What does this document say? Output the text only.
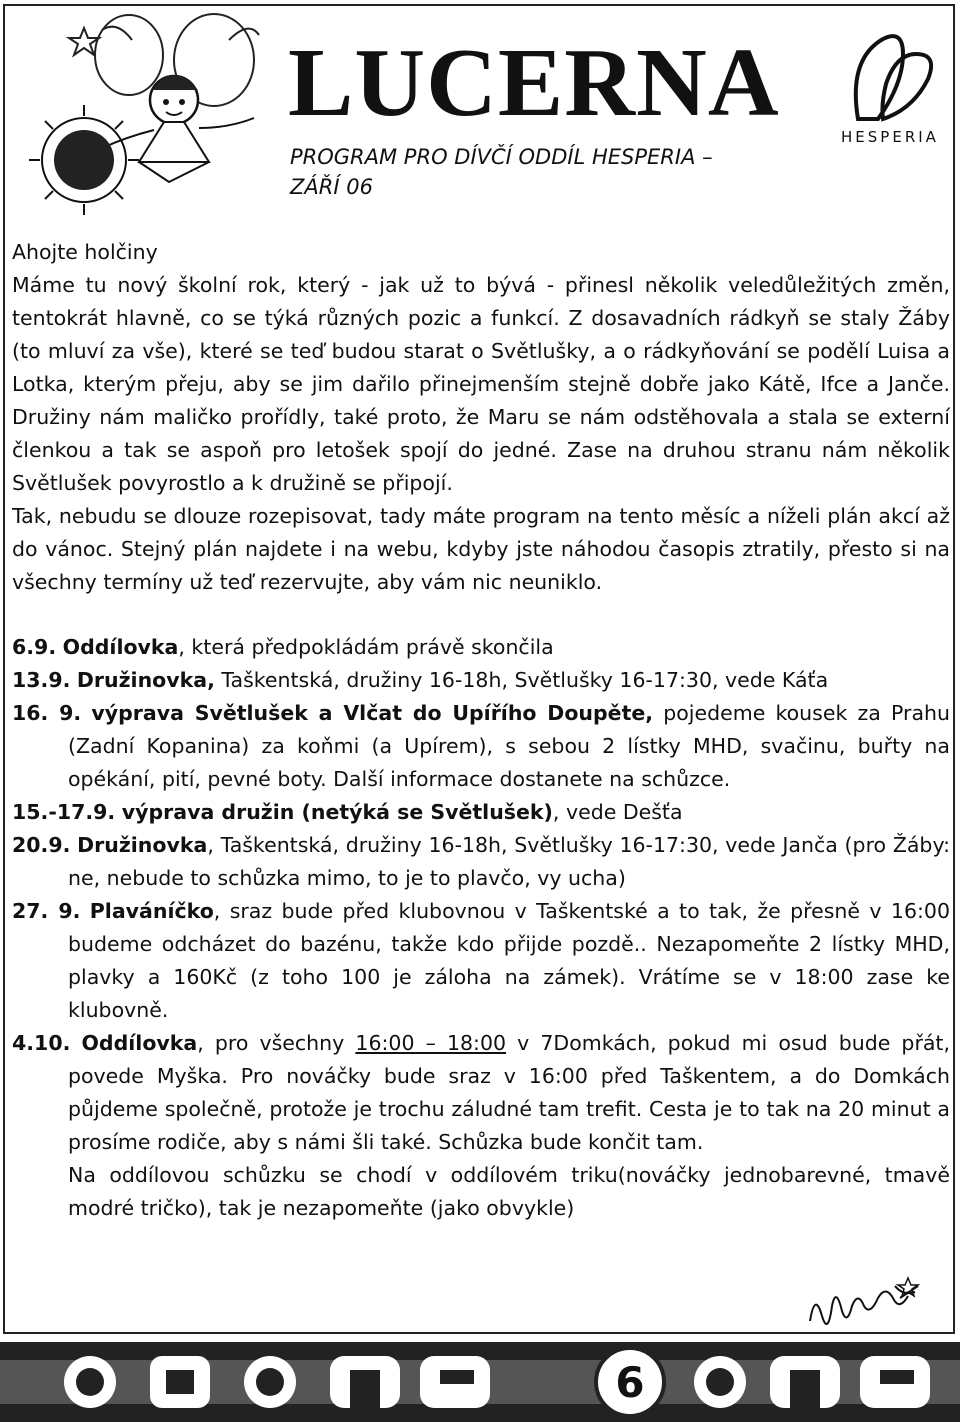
HESPERIA
LUCERNA
PROGRAM PRO DÍVČÍ ODDÍL HESPERIA –
ZÁŘÍ 06

Ahojte holčiny

Máme tu nový školní rok, který - jak už to bývá - přinesl několik veledůležitých změn, tentokrát hlavně, co se týká různých pozic a funkcí. Z dosavadních rádkyň se staly Žáby (to mluví za vše), které se teď budou starat o Světlušky, a o rádkyňování se podělí Luisa a Lotka, kterým přeju, aby se jim dařilo přinejmenším stejně dobře jako Kátě, Ifce a Janče. Družiny nám maličko prořídly, také proto, že Maru se nám odstěhovala a stala se externí členkou a tak se aspoň pro letošek spojí do jedné. Zase na druhou stranu nám několik Světlušek povyrostlo a k družině se připojí.

Tak, nebudu se dlouze rozepisovat, tady máte program na tento měsíc a níželi plán akcí až do vánoc. Stejný plán najdete i na webu, kdyby jste náhodou časopis ztratily, přesto si na všechny termíny už teď rezervujte, aby vám nic neuniklo.

6.9. Oddílovka, která předpokládám právě skončila

13.9. Družinovka, Taškentská, družiny 16-18h, Světlušky 16-17:30, vede Káťa

16. 9. výprava Světlušek a Vlčat do Upířího Doupěte, pojedeme kousek za Prahu (Zadní Kopanina) za koňmi (a Upírem), s sebou 2 lístky MHD, svačinu, buřty na opékání, pití, pevné boty. Další informace dostanete na schůzce.

15.-17.9. výprava družin (netýká se Světlušek), vede Dešťa

20.9. Družinovka, Taškentská, družiny 16-18h, Světlušky 16-17:30, vede Janča (pro Žáby: ne, nebude to schůzka mimo, to je to plavčo, vy ucha)

27. 9. Plaváníčko, sraz bude před klubovnou v Taškentské a to tak, že přesně v 16:00 budeme odcházet do bazénu, takže kdo přijde pozdě.. Nezapomeňte 2 lístky MHD, plavky a 160Kč (z toho 100 je záloha na zámek). Vrátíme se v 18:00 zase ke klubovně.

4.10. Oddílovka, pro všechny 16:00 – 18:00 v 7Domkách, pokud mi osud bude přát, povede Myška. Pro nováčky bude sraz v 16:00 před Taškentem, a do Domkách půjdeme společně, protože je trochu záludné tam trefit. Cesta je to tak na 20 minut a prosíme rodiče, aby s námi šli také. Schůzka bude končit tam.

Na oddílovou schůzku se chodí v oddílovém triku(nováčky jednobarevné, tmavě modré tričko), tak je nezapomeňte (jako obvykle)

6
